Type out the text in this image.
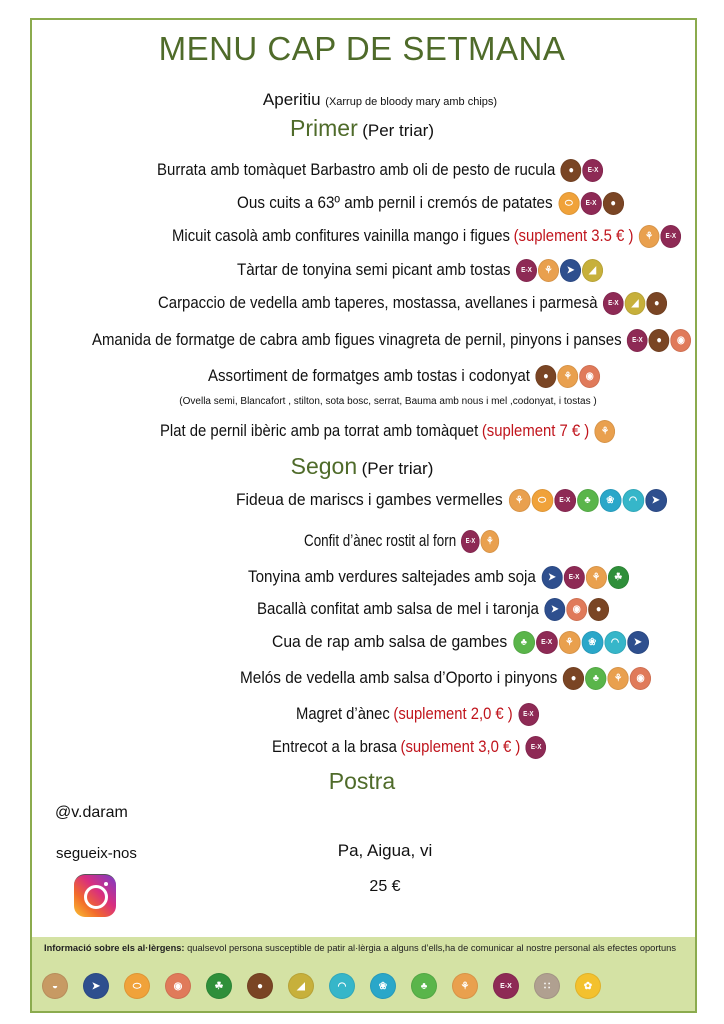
MENU CAP DE SETMANA
Aperitiu (Xarrup de bloody mary amb chips)
Primer (Per triar)
Burrata amb tomàquet Barbastro amb oli de pesto de rucula	●	E-X
Ous cuits a 63º amb pernil i cremós de patates	⬭	E-X	●
Micuit casolà amb confitures vainilla mango i figues (suplement 3.5 € )	⚘	E-X
Tàrtar de tonyina semi picant amb tostas	E-X	⚘	➤	◢
Carpaccio de vedella amb taperes, mostassa, avellanes i parmesà	E-X	◢	●
Amanida de formatge de cabra amb figues vinagreta de pernil, pinyons i panses	E-X	●	◉
Assortiment de formatges amb tostas i codonyat	●	⚘	◉
Plat de pernil ibèric amb pa torrat amb tomàquet (suplement 7 € )	⚘
(Ovella semi, Blancafort , stilton, sota bosc, serrat, Bauma amb nous i mel ,codonyat, i tostas )
Segon (Per triar)
Fideua de mariscs i gambes vermelles	⚘	⬭	E-X	♣	❀	◠	➤
Confit d’ànec rostit al forn	E-X	⚘
Tonyina amb verdures saltejades amb soja	➤	E-X	⚘	☘
Bacallà confitat amb salsa de mel i taronja	➤	◉	●
Cua de rap amb salsa de gambes	♣	E-X	⚘	❀	◠	➤
Melós de vedella amb salsa d’Oporto i pinyons	●	♣	⚘	◉
Magret d’ànec (suplement 2,0 € )	E-X
Entrecot a la brasa (suplement 3,0 € )	E-X
Postra
@v.daram
segueix-nos	Pa, Aigua, vi
25 €
Informació sobre els al·lèrgens: qualsevol persona susceptible de patir al·lèrgia a alguns d’ells,ha de comunicar al nostre personal als efectes oportuns
◒	➤	⬭	◉	☘	●	◢	◠	❀	♣	⚘	E-X	∷	✿
